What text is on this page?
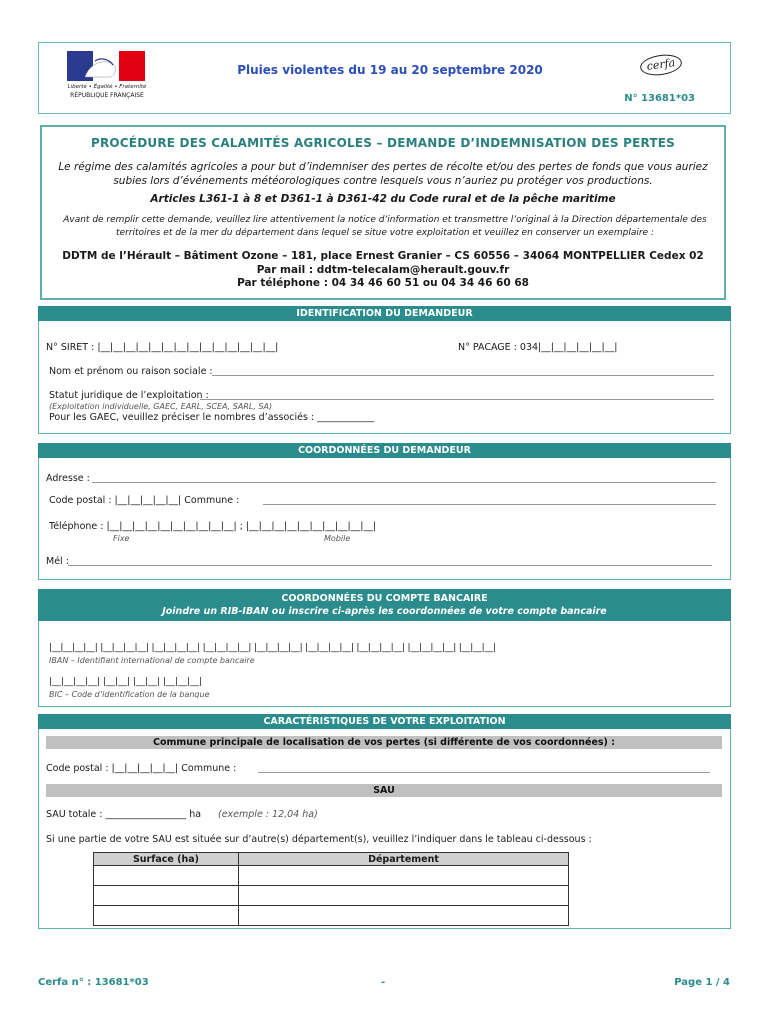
Liberté • Égalité • Fraternité
RÉPUBLIQUE FRANÇAISE
Pluies violentes du 19 au 20 septembre 2020	cerfa
N° 13681*03
PROCÉDURE DES CALAMITÉS AGRICOLES – DEMANDE D’INDEMNISATION DES PERTES
Le régime des calamités agricoles a pour but d’indemniser des pertes de récolte et/ou des pertes de fonds que vous auriez subies lors d’événements météorologiques contre lesquels vous n’auriez pu protéger vos productions.
Articles L361-1 à 8 et D361-1 à D361-42 du Code rural et de la pêche maritime
Avant de remplir cette demande, veuillez lire attentivement la notice d’information et transmettre l’original à la Direction départementale des territoires et de la mer du département dans lequel se situe votre exploitation et veuillez en conserver un exemplaire :
DDTM de l’Hérault – Bâtiment Ozone – 181, place Ernest Granier – CS 60556 – 34064 MONTPELLIER Cedex 02
Par mail : ddtm-telecalam@herault.gouv.fr
Par téléphone : 04 34 46 60 51 ou 04 34 46 60 68
IDENTIFICATION DU DEMANDEUR
N° SIRET : |__|__|__|__|__|__|__|__|__|__|__|__|__|__|	N° PACAGE : 034|__|__|__|__|__|__|
Nom et prénom ou raison sociale :
Statut juridique de l’exploitation :
(Exploitation individuelle, GAEC, EARL, SCEA, SARL, SA)
Pour les GAEC, veuillez préciser le nombres d’associés : ____________
COORDONNÉES DU DEMANDEUR
Adresse :
Code postal : |__|__|__|__|__| Commune :
Téléphone : |__|__|__|__|__|__|__|__|__|__| ; |__|__|__|__|__|__|__|__|__|__|
Fixe	Mobile
Mél :
COORDONNÉES DU COMPTE BANCAIRE
Joindre un RIB-IBAN ou inscrire ci-après les coordonnées de votre compte bancaire
|__|__|__|__| |__|__|__|__| |__|__|__|__| |__|__|__|__| |__|__|__|__| |__|__|__|__| |__|__|__|__| |__|__|__|__| |__|__|__|
IBAN – Identifiant international de compte bancaire
|__|__|__|__| |__|__| |__|__| |__|__|__|
BIC – Code d’identification de la banque
CARACTÉRISTIQUES DE VOTRE EXPLOITATION
Commune principale de localisation de vos pertes (si différente de vos coordonnées) :
Code postal : |__|__|__|__|__| Commune :
SAU
SAU totale : _________________ ha (exemple : 12,04 ha)
Si une partie de votre SAU est située sur d’autre(s) département(s), veuillez l’indiquer dans le tableau ci-dessous :
Surface (ha)	Département

Cerfa n° : 13681*03	-	Page 1 / 4
